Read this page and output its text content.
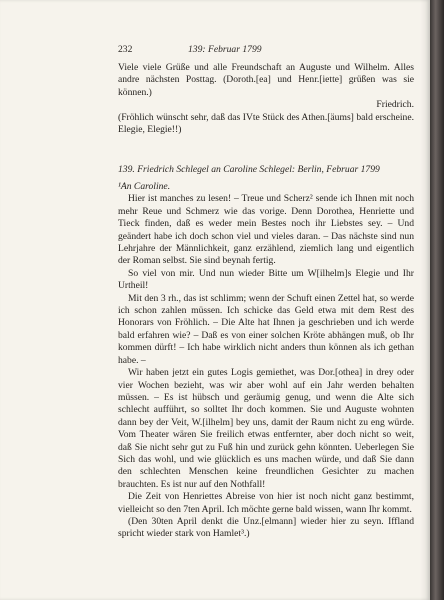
232	139: Februar 1799

Viele viele Grüße und alle Freundschaft an Auguste und Wilhelm. Alles andre nächsten Posttag. (Doroth.[ea] und Henr.[iette] grüßen was sie können.)

Friedrich.

(Fröhlich wünscht sehr, daß das IVte Stück des Athen.[äums] bald erscheine. Elegie, Elegie!!)

139. Friedrich Schlegel an Caroline Schlegel: Berlin, Februar 1799

¹An Caroline.

Hier ist manches zu lesen! – Treue und Scherz² sende ich Ihnen mit noch mehr Reue und Schmerz wie das vorige. Denn Dorothea, Henriette und Tieck finden, daß es weder mein Bestes noch ihr Liebstes sey. – Und geändert habe ich doch schon viel und vieles daran. – Das nächste sind nun Lehrjahre der Männlichkeit, ganz erzählend, ziemlich lang und eigentlich der Roman selbst. Sie sind beynah fertig.

So viel von mir. Und nun wieder Bitte um W[ilhelm]s Elegie und Ihr Urtheil!

Mit den 3 rh., das ist schlimm; wenn der Schuft einen Zettel hat, so werde ich schon zahlen müssen. Ich schicke das Geld etwa mit dem Rest des Honorars von Fröhlich. – Die Alte hat Ihnen ja geschrieben und ich werde bald erfahren wie? – Daß es von einer solchen Kröte abhängen muß, ob Ihr kommen dürft! – Ich habe wirklich nicht anders thun können als ich gethan habe. –

Wir haben jetzt ein gutes Logis gemiethet, was Dor.[othea] in drey oder vier Wochen bezieht, was wir aber wohl auf ein Jahr werden behalten müssen. – Es ist hübsch und geräumig genug, und wenn die Alte sich schlecht aufführt, so solltet Ihr doch kommen. Sie und Auguste wohnten dann bey der Veit, W.[ilhelm] bey uns, damit der Raum nicht zu eng würde. Vom Theater wären Sie freilich etwas entfernter, aber doch nicht so weit, daß Sie nicht sehr gut zu Fuß hin und zurück gehn könnten. Ueberlegen Sie Sich das wohl, und wie glücklich es uns machen würde, und daß Sie dann den schlechten Menschen keine freundlichen Gesichter zu machen brauchten. Es ist nur auf den Nothfall!

Die Zeit von Henriettes Abreise von hier ist noch nicht ganz bestimmt, vielleicht so den 7ten April. Ich möchte gerne bald wissen, wann Ihr kommt.

(Den 30ten April denkt die Unz.[elmann] wieder hier zu seyn. Iffland spricht wieder stark von Hamlet³.)
